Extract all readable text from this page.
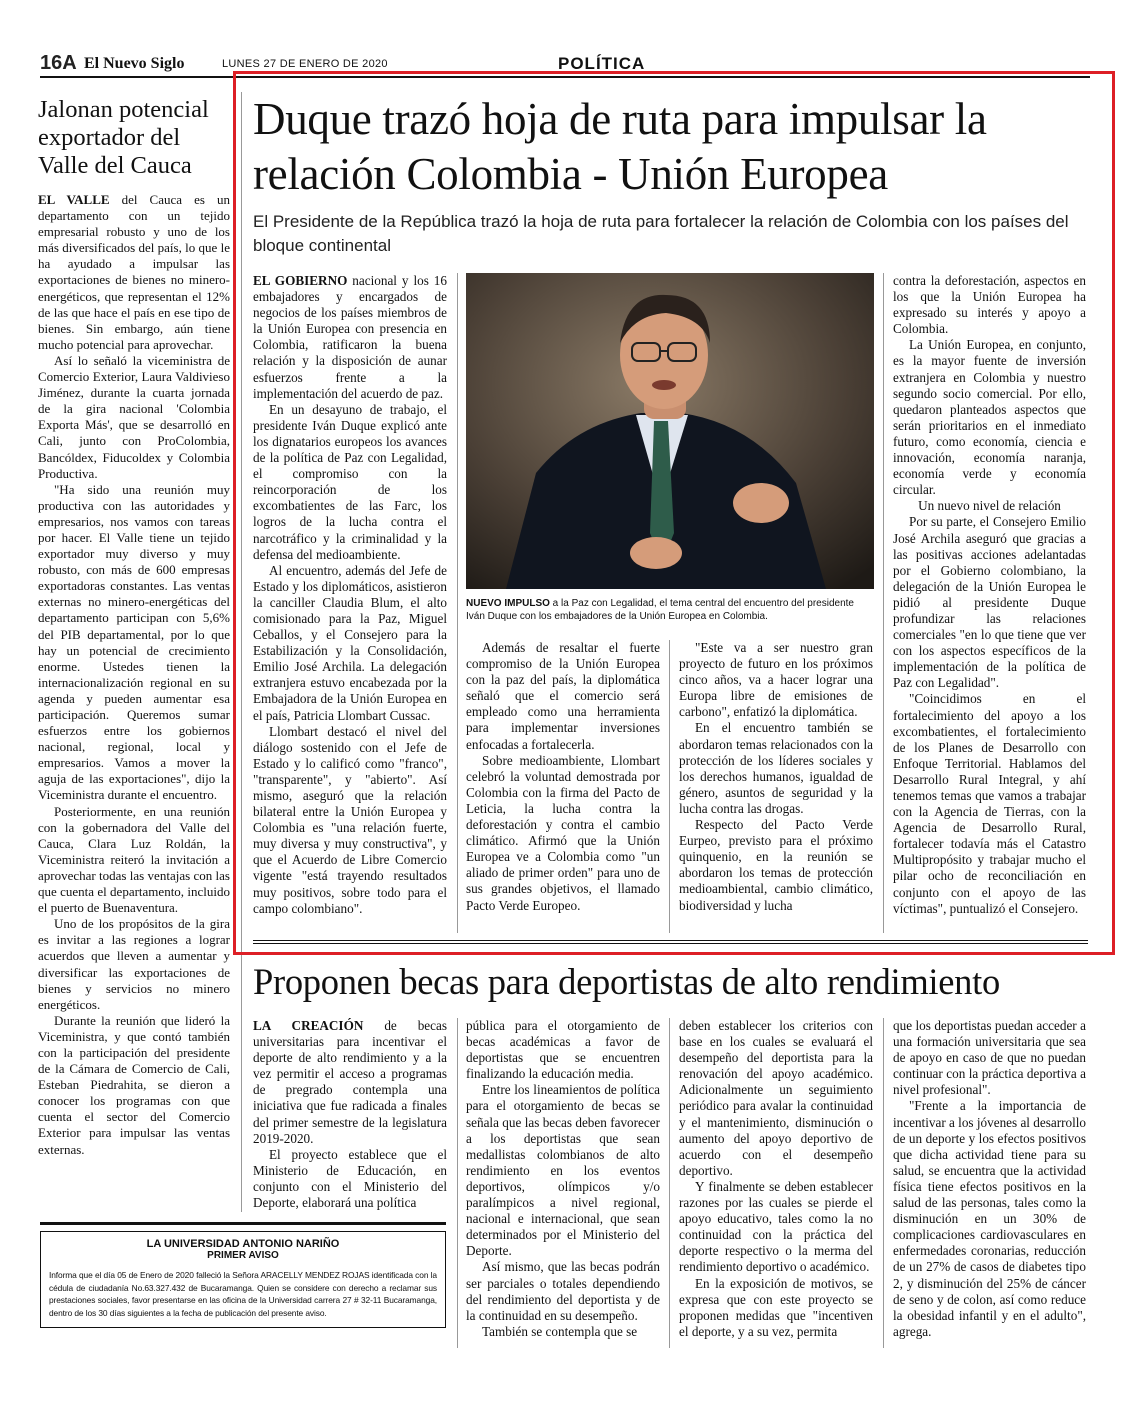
16A El Nuevo Siglo	LUNES 27 DE ENERO DE 2020	POLÍTICA
Jalonan potencial exportador del Valle del Cauca

EL VALLE del Cauca es un departamento con un tejido empresarial robusto y uno de los más diversificados del país, lo que le ha ayudado a impulsar las exportaciones de bienes no minero-energéticos, que representan el 12% de las que hace el país en ese tipo de bienes. Sin embargo, aún tiene mucho potencial para aprovechar.

Así lo señaló la viceministra de Comercio Exterior, Laura Valdivieso Jiménez, durante la cuarta jornada de la gira nacional 'Colombia Exporta Más', que se desarrolló en Cali, junto con ProColombia, Bancóldex, Fiducoldex y Colombia Productiva.

"Ha sido una reunión muy productiva con las autoridades y empresarios, nos vamos con tareas por hacer. El Valle tiene un tejido exportador muy diverso y muy robusto, con más de 600 empresas exportadoras constantes. Las ventas externas no minero-energéticas del departamento participan con 5,6% del PIB departamental, por lo que hay un potencial de crecimiento enorme. Ustedes tienen la internacionalización regional en su agenda y pueden aumentar esa participación. Queremos sumar esfuerzos entre los gobiernos nacional, regional, local y empresarios. Vamos a mover la aguja de las exportaciones", dijo la Viceministra durante el encuentro.

Posteriormente, en una reunión con la gobernadora del Valle del Cauca, Clara Luz Roldán, la Viceministra reiteró la invitación a aprovechar todas las ventajas con las que cuenta el departamento, incluido el puerto de Buenaventura.

Uno de los propósitos de la gira es invitar a las regiones a lograr acuerdos que lleven a aumentar y diversificar las exportaciones de bienes y servicios no minero energéticos.

Durante la reunión que lideró la Viceministra, y que contó también con la participación del presidente de la Cámara de Comercio de Cali, Esteban Piedrahita, se dieron a conocer los programas con que cuenta el sector del Comercio Exterior para impulsar las ventas externas.

Duque trazó hoja de ruta para impulsar la relación Colombia - Unión Europea
El Presidente de la República trazó la hoja de ruta para fortalecer la relación de Colombia con los países del bloque continental

EL GOBIERNO nacional y los 16 embajadores y encargados de negocios de los países miembros de la Unión Europea con presencia en Colombia, ratificaron la buena relación y la disposición de aunar esfuerzos frente a la implementación del acuerdo de paz.

En un desayuno de trabajo, el presidente Iván Duque explicó ante los dignatarios europeos los avances de la política de Paz con Legalidad, el compromiso con la reincorporación de los excombatientes de las Farc, los logros de la lucha contra el narcotráfico y la criminalidad y la defensa del medioambiente.

Al encuentro, además del Jefe de Estado y los diplomáticos, asistieron la canciller Claudia Blum, el alto comisionado para la Paz, Miguel Ceballos, y el Consejero para la Estabilización y la Consolidación, Emilio José Archila. La delegación extranjera estuvo encabezada por la Embajadora de la Unión Europea en el país, Patricia Llombart Cussac.

Llombart destacó el nivel del diálogo sostenido con el Jefe de Estado y lo calificó como "franco", "transparente", y "abierto". Así mismo, aseguró que la relación bilateral entre la Unión Europea y Colombia es "una relación fuerte, muy diversa y muy constructiva", y que el Acuerdo de Libre Comercio vigente "está trayendo resultados muy positivos, sobre todo para el campo colombiano".

NUEVO IMPULSO a la Paz con Legalidad, el tema central del encuentro del presidente Iván Duque con los embajadores de la Unión Europea en Colombia.

Además de resaltar el fuerte compromiso de la Unión Europea con la paz del país, la diplomática señaló que el comercio será empleado como una herramienta para implementar inversiones enfocadas a fortalecerla.

Sobre medioambiente, Llombart celebró la voluntad demostrada por Colombia con la firma del Pacto de Leticia, la lucha contra la deforestación y contra el cambio climático. Afirmó que la Unión Europea ve a Colombia como "un aliado de primer orden" para uno de sus grandes objetivos, el llamado Pacto Verde Europeo.

"Este va a ser nuestro gran proyecto de futuro en los próximos cinco años, va a hacer lograr una Europa libre de emisiones de carbono", enfatizó la diplomática.

En el encuentro también se abordaron temas relacionados con la protección de los líderes sociales y los derechos humanos, igualdad de género, asuntos de seguridad y la lucha contra las drogas.

Respecto del Pacto Verde Eurpeo, previsto para el próximo quinquenio, en la reunión se abordaron los temas de protección medioambiental, cambio climático, biodiversidad y lucha

contra la deforestación, aspectos en los que la Unión Europea ha expresado su interés y apoyo a Colombia.

La Unión Europea, en conjunto, es la mayor fuente de inversión extranjera en Colombia y nuestro segundo socio comercial. Por ello, quedaron planteados aspectos que serán prioritarios en el inmediato futuro, como economía, ciencia e innovación, economía naranja, economía verde y economía circular.

Un nuevo nivel de relación

Por su parte, el Consejero Emilio José Archila aseguró que gracias a las positivas acciones adelantadas por el Gobierno colombiano, la delegación de la Unión Europea le pidió al presidente Duque profundizar las relaciones comerciales "en lo que tiene que ver con los aspectos específicos de la implementación de la política de Paz con Legalidad".

"Coincidimos en el fortalecimiento del apoyo a los excombatientes, el fortalecimiento de los Planes de Desarrollo con Enfoque Territorial. Hablamos del Desarrollo Rural Integral, y ahí tenemos temas que vamos a trabajar con la Agencia de Tierras, con la Agencia de Desarrollo Rural, fortalecer todavía más el Catastro Multipropósito y trabajar mucho el pilar ocho de reconciliación en conjunto con el apoyo de las víctimas", puntualizó el Consejero.

Proponen becas para deportistas de alto rendimiento

LA CREACIÓN de becas universitarias para incentivar el deporte de alto rendimiento y a la vez permitir el acceso a programas de pregrado contempla una iniciativa que fue radicada a finales del primer semestre de la legislatura 2019-2020.

El proyecto establece que el Ministerio de Educación, en conjunto con el Ministerio del Deporte, elaborará una política

pública para el otorgamiento de becas académicas a favor de deportistas que se encuentren finalizando la educación media.

Entre los lineamientos de política para el otorgamiento de becas se señala que las becas deben favorecer a los deportistas que sean medallistas colombianos de alto rendimiento en los eventos deportivos, olímpicos y/o paralímpicos a nivel regional, nacional e internacional, que sean determinados por el Ministerio del Deporte.

Así mismo, que las becas podrán ser parciales o totales dependiendo del rendimiento del deportista y de la continuidad en su desempeño.

También se contempla que se

deben establecer los criterios con base en los cuales se evaluará el desempeño del deportista para la renovación del apoyo académico. Adicionalmente un seguimiento periódico para avalar la continuidad y el mantenimiento, disminución o aumento del apoyo deportivo de acuerdo con el desempeño deportivo.

Y finalmente se deben establecer razones por las cuales se pierde el apoyo educativo, tales como la no continuidad con la práctica del deporte respectivo o la merma del rendimiento deportivo o académico.

En la exposición de motivos, se expresa que con este proyecto se proponen medidas que "incentiven el deporte, y a su vez, permita

que los deportistas puedan acceder a una formación universitaria que sea de apoyo en caso de que no puedan continuar con la práctica deportiva a nivel profesional".

"Frente a la importancia de incentivar a los jóvenes al desarrollo de un deporte y los efectos positivos que dicha actividad tiene para su salud, se encuentra que la actividad física tiene efectos positivos en la salud de las personas, tales como la disminución en un 30% de complicaciones cardiovasculares en enfermedades coronarias, reducción de un 27% de casos de diabetes tipo 2, y disminución del 25% de cáncer de seno y de colon, así como reduce la obesidad infantil y en el adulto", agrega.

LA UNIVERSIDAD ANTONIO NARIÑO
PRIMER AVISO
Informa que el día 05 de Enero de 2020 falleció la Señora ARACELLY MENDEZ ROJAS identificada con la cédula de ciudadanía No.63.327.432 de Bucaramanga. Quien se considere con derecho a reclamar sus prestaciones sociales, favor presentarse en las oficina de la Universidad carrera 27 # 32-11 Bucaramanga, dentro de los 30 días siguientes a la fecha de publicación del presente aviso.
